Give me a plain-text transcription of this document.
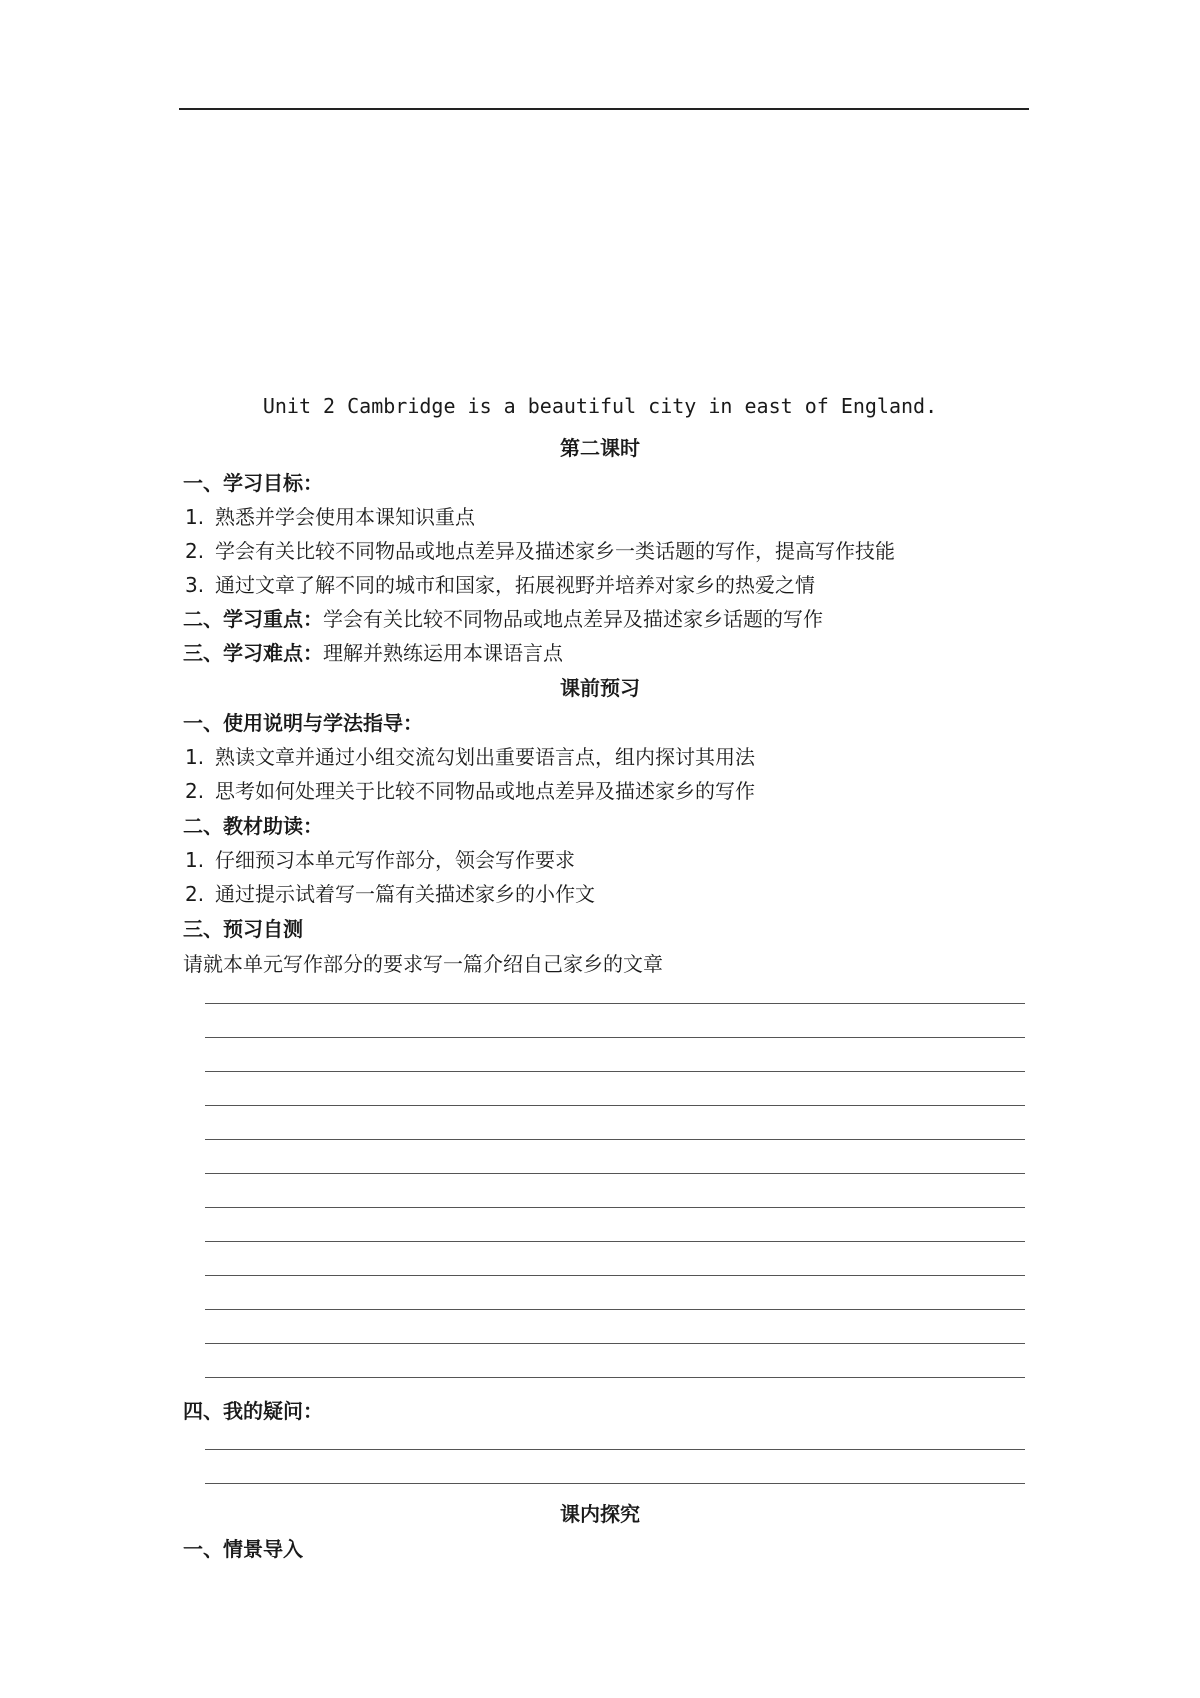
Unit 2 Cambridge is a beautiful city in east of England.
第二课时
一、学习目标：
1. 熟悉并学会使用本课知识重点
2. 学会有关比较不同物品或地点差异及描述家乡一类话题的写作，提高写作技能
3. 通过文章了解不同的城市和国家，拓展视野并培养对家乡的热爱之情
二、学习重点：学会有关比较不同物品或地点差异及描述家乡话题的写作
三、学习难点：理解并熟练运用本课语言点
课前预习
一、使用说明与学法指导：
1. 熟读文章并通过小组交流勾划出重要语言点，组内探讨其用法
2. 思考如何处理关于比较不同物品或地点差异及描述家乡的写作
二、教材助读：
1. 仔细预习本单元写作部分，领会写作要求
2. 通过提示试着写一篇有关描述家乡的小作文
三、预习自测
请就本单元写作部分的要求写一篇介绍自己家乡的文章
四、我的疑问：
课内探究
一、情景导入
